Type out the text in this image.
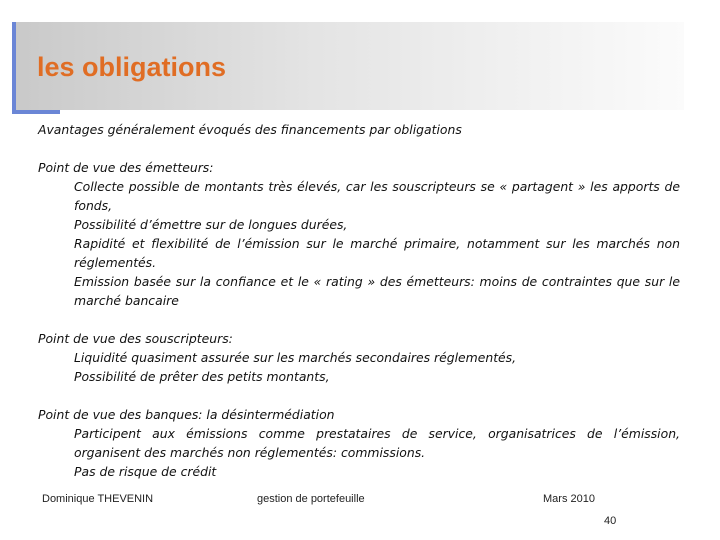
les obligations

Avantages généralement évoqués des financements par obligations

Point de vue des émetteurs:

Collecte possible de montants très élevés, car les souscripteurs se « partagent » les apports de fonds,

Possibilité d’émettre sur de longues durées,

Rapidité et flexibilité de l’émission sur le marché primaire, notamment sur les marchés non réglementés.

Emission basée sur la confiance et le « rating » des émetteurs: moins de contraintes que sur le marché bancaire

Point de vue des souscripteurs:

Liquidité quasiment assurée sur les marchés secondaires réglementés,

Possibilité de prêter des petits montants,

Point de vue des banques: la désintermédiation

Participent aux émissions comme prestataires de service, organisatrices de l’émission, organisent des marchés non réglementés: commissions.

Pas de risque de crédit

Dominique THEVENIN	gestion de portefeuille	Mars 2010
40
